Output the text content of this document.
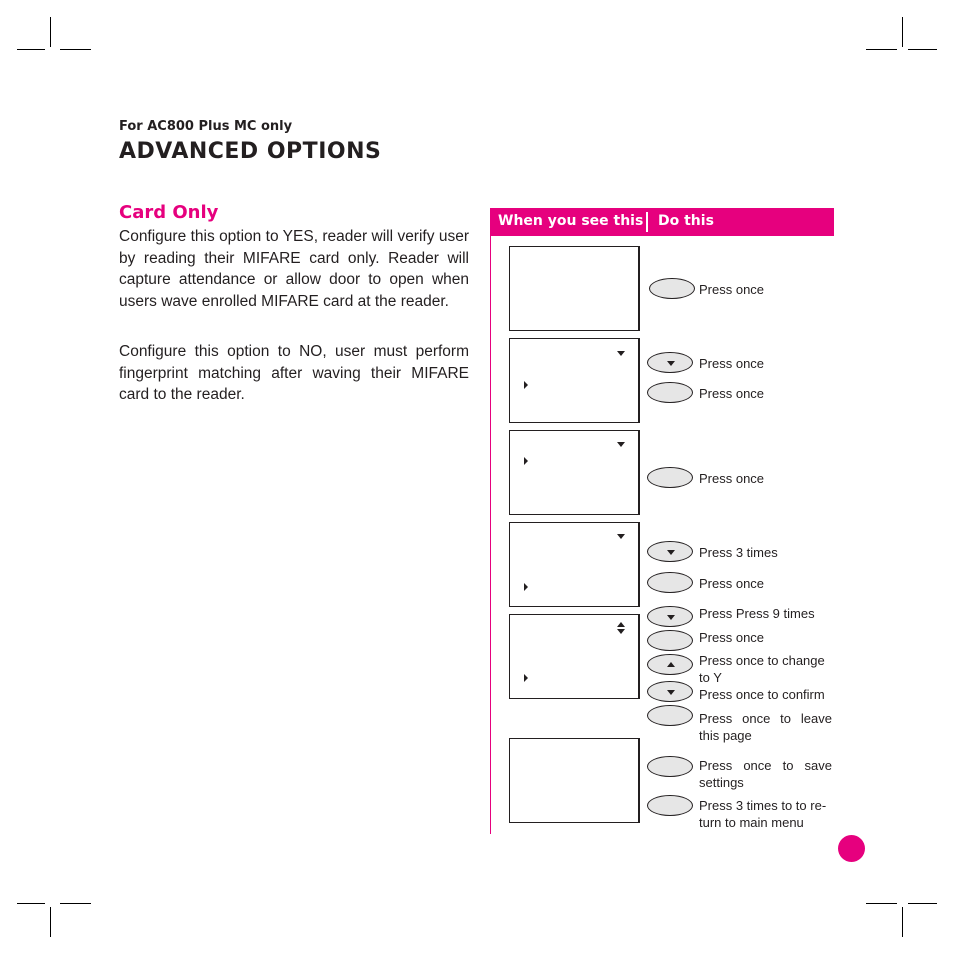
For AC800 Plus MC only
ADVANCED OPTIONS
Card Only

Configure this option to YES, reader will verify user by reading their MIFARE card only. Reader will capture attendance or allow door to open when users wave enrolled MIFARE card at the reader.

Configure this option to NO, user must perform fingerprint matching after waving their MIFARE card to the reader.

When you see this Do this
Press once
Press once
Press once
Press once
Press 3 times
Press once
Press Press 9 times
Press once
Press once to change to Y
Press once to confirm
Press once to leave this page
Press once to save settings
Press 3 times to to re-turn to main menu
